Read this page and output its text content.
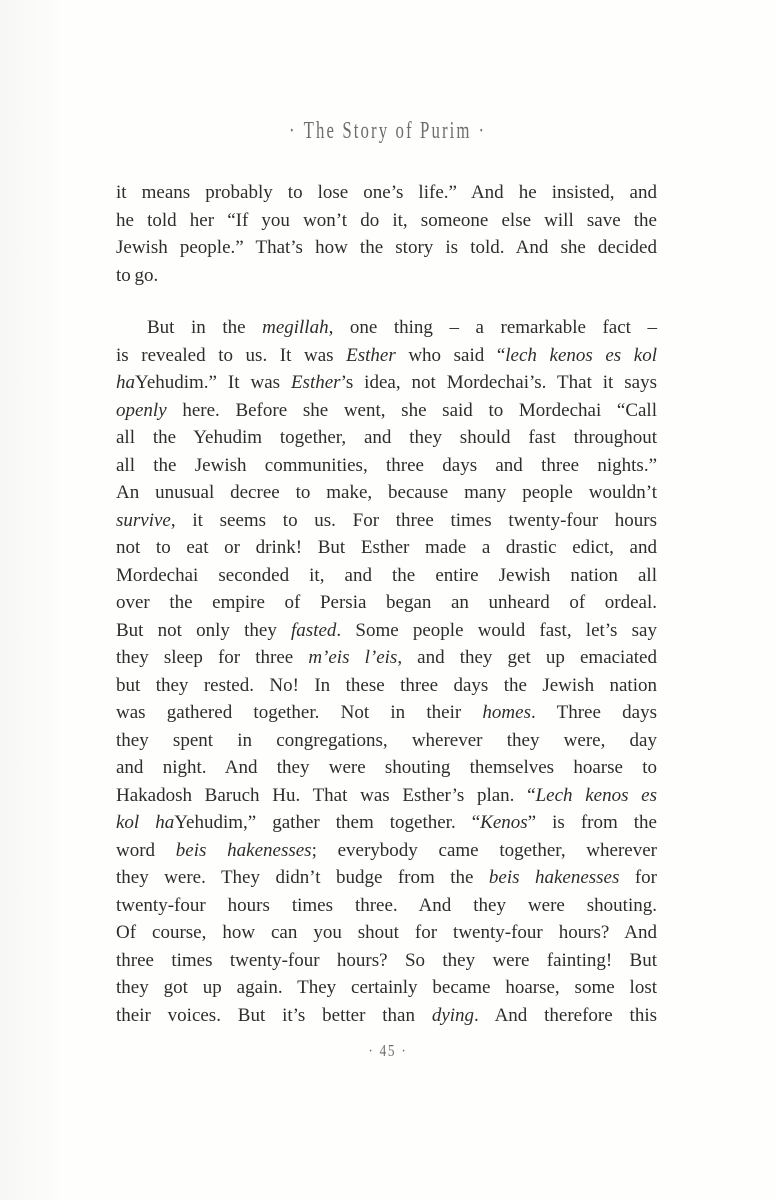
· The Story of Purim ·
it means probably to lose one’s life.” And he insisted, and
he told her “If you won’t do it, someone else will save the
Jewish people.” That’s how the story is told. And she decided
to go.
But in the megillah, one thing – a remarkable fact –
is revealed to us. It was Esther who said “lech kenos es kol
haYehudim.” It was Esther’s idea, not Mordechai’s. That it says
openly here. Before she went, she said to Mordechai “Call
all the Yehudim together, and they should fast throughout
all the Jewish communities, three days and three nights.”
An unusual decree to make, because many people wouldn’t
survive, it seems to us. For three times twenty-four hours
not to eat or drink! But Esther made a drastic edict, and
Mordechai seconded it, and the entire Jewish nation all
over the empire of Persia began an unheard of ordeal.
But not only they fasted. Some people would fast, let’s say
they sleep for three m’eis l’eis, and they get up emaciated
but they rested. No! In these three days the Jewish nation
was gathered together. Not in their homes. Three days
they spent in congregations, wherever they were, day
and night. And they were shouting themselves hoarse to
Hakadosh Baruch Hu. That was Esther’s plan. “Lech kenos es
kol haYehudim,” gather them together. “Kenos” is from the
word beis hakenesses; everybody came together, wherever
they were. They didn’t budge from the beis hakenesses for
twenty-four hours times three. And they were shouting.
Of course, how can you shout for twenty-four hours? And
three times twenty-four hours? So they were fainting! But
they got up again. They certainly became hoarse, some lost
their voices. But it’s better than dying. And therefore this
· 45 ·
